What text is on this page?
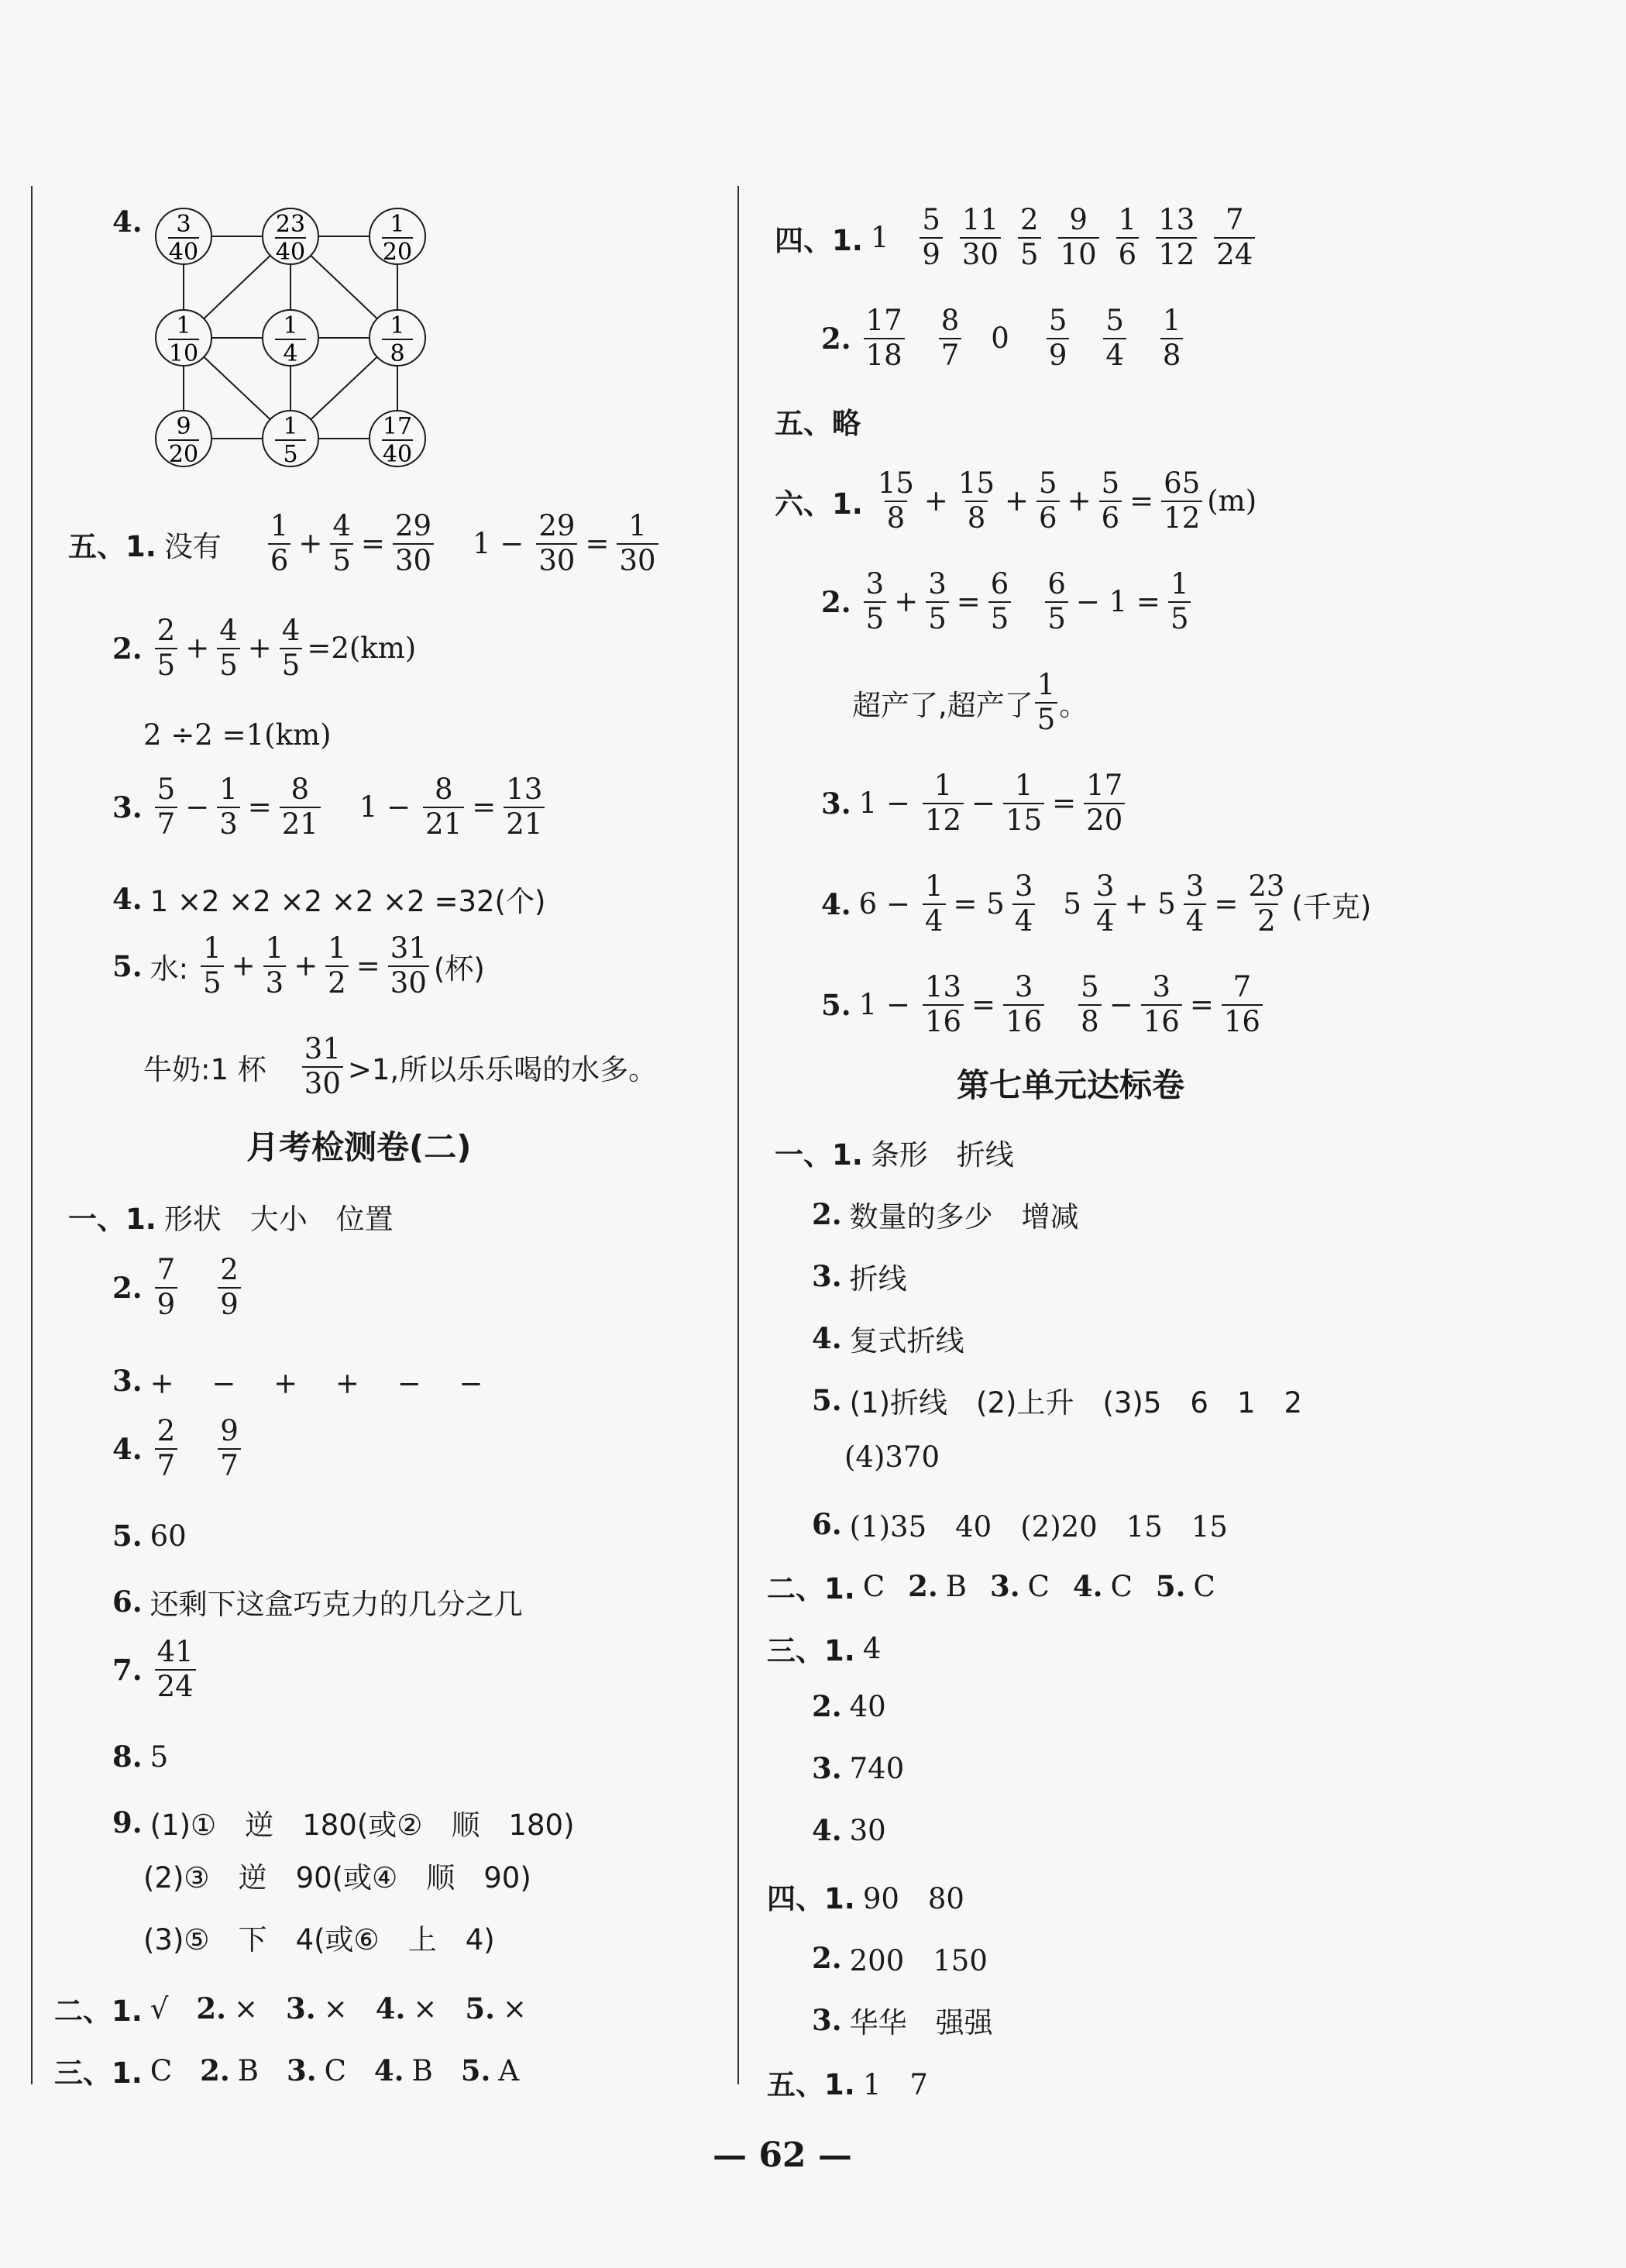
4. 3
40
23
40
1
20
1
10
1
4
1
8
9
20
1
5
17
40
五、1. 没有 $\frac{1}{6} + \frac{4}{5} = \frac{29}{30} 1 - \frac{29}{30} = \frac{1}{30}$
2. $\frac{2}{5} + \frac{4}{5} + \frac{4}{5} =2(km)$
2 ÷2 =1(km)
3. $\frac{5}{7} - \frac{1}{3} = \frac{8}{21} 1 - \frac{8}{21} = \frac{13}{21}$
4. 1 ×2 ×2 ×2 ×2 ×2 =32(个)
5. 水: $\frac{1}{5} + \frac{1}{3} + \frac{1}{2} = \frac{31}{30}$ (杯)
牛奶:1 杯 $\frac{31}{30} >1$,所以乐乐喝的水多。
月考检测卷(二)
一、1. 形状　大小　位置
2. $\frac{7}{9} \frac{2}{9}$
3. +　 −　 +　 +　 −　 −
4. $\frac{2}{7} \frac{9}{7}$
5. 60
6. 还剩下这盒巧克力的几分之几
7. $\frac{41}{24}$
8. 5
9. (1)①　逆　180(或②　顺　180)
(2)③　逆　90(或④　顺　90)
(3)⑤　下　4(或⑥　上　4)
二、1. √ 2. × 3. × 4. × 5. ×
三、1. C 2. B 3. C 4. B 5. A
四、1. $1 \frac{5}{9} \frac{11}{30} \frac{2}{5} \frac{9}{10} \frac{1}{6} \frac{13}{12} \frac{7}{24}$
2. $\frac{17}{18} \frac{8}{7} 0 \frac{5}{9} \frac{5}{4} \frac{1}{8}$
五、略
六、1. $\frac{15}{8} + \frac{15}{8} + \frac{5}{6} + \frac{5}{6} = \frac{65}{12} (m)$
2. $\frac{3}{5} + \frac{3}{5} = \frac{6}{5} \frac{6}{5} - 1 = \frac{1}{5}$
超产了,超产了 $\frac{1}{5}$ 。
3. $1 - \frac{1}{12} - \frac{1}{15} = \frac{17}{20}$
4. $6 - \frac{1}{4} = 5 \frac{3}{4} 5 \frac{3}{4} + 5 \frac{3}{4} = \frac{23}{2}$ (千克)
5. $1 - \frac{13}{16} = \frac{3}{16} \frac{5}{8} - \frac{3}{16} = \frac{7}{16}$
第七单元达标卷
一、1. 条形　折线
2. 数量的多少　增减
3. 折线
4. 复式折线
5. (1)折线　(2)上升　(3)5　6　1　2
(4)370
6. (1)35　40　(2)20　15　15
二、1. C 2. B 3. C 4. C 5. C
三、1. 4
2. 40
3. 740
4. 30
四、1. 90　80
2. 200　150
3. 华华　强强
五、1. 1　7
— 62 —
